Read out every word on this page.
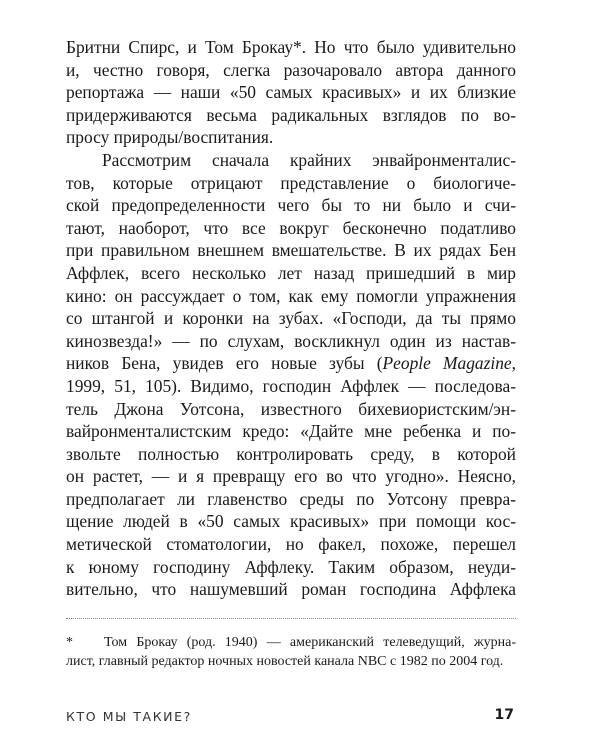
Бритни Спирс, и Том Брокау*. Но что было удивительно
и, честно говоря, слегка разочаровало автора данного
репортажа — наши «50 самых красивых» и их близкие
придерживаются весьма радикальных взглядов по во-
просу природы/воспитания.
Рассмотрим сначала крайних энвайронменталис-
тов, которые отрицают представление о биологиче-
ской предопределенности чего бы то ни было и счи-
тают, наоборот, что все вокруг бесконечно податливо
при правильном внешнем вмешательстве. В их рядах Бен
Аффлек, всего несколько лет назад пришедший в мир
кино: он рассуждает о том, как ему помогли упражнения
со штангой и коронки на зубах. «Господи, да ты прямо
кинозвезда!» — по слухам, воскликнул один из настав-
ников Бена, увидев его новые зубы (People Magazine,
1999, 51, 105). Видимо, господин Аффлек — последова-
тель Джона Уотсона, известного бихевиористским/эн-
вайронменталистским кредо: «Дайте мне ребенка и по-
звольте полностью контролировать среду, в которой
он растет, — и я превращу его во что угодно». Неясно,
предполагает ли главенство среды по Уотсону превра-
щение людей в «50 самых красивых» при помощи кос-
метической стоматологии, но факел, похоже, перешел
к юному господину Аффлеку. Таким образом, неуди-
вительно, что нашумевший роман господина Аффлека
* Том Брокау (род. 1940) — американский телеведущий, журна-
лист, главный редактор ночных новостей канала NBC с 1982 по 2004 год.
КТО МЫ ТАКИЕ?	17
